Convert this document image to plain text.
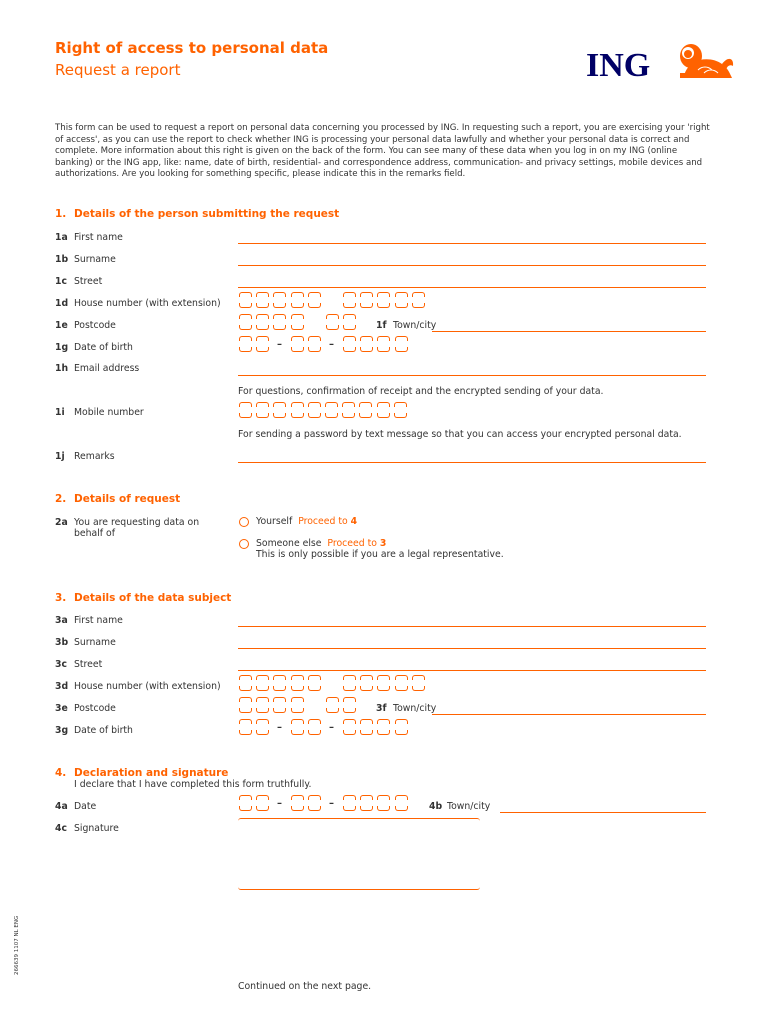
Right of access to personal data
Request a report	ING
This form can be used to request a report on personal data concerning you processed by ING. In requesting such a report, you are exercising your 'right of access', as you can use the report to check whether ING is processing your personal data lawfully and whether your personal data is correct and complete. More information about this right is given on the back of the form. You can see many of these data when you log in on my ING (online banking) or the ING app, like: name, date of birth, residential- and correspondence address, communication- and privacy settings, mobile devices and authorizations. Are you looking for something specific, please indicate this in the remarks field.
1. Details of the person submitting the request
1a First name
1b Surname
1c Street
1d House number (with extension)
1e Postcode	1f Town/city
1g Date of birth	–	–
1h Email address
For questions, confirmation of receipt and the encrypted sending of your data.
1i Mobile number
For sending a password by text message so that you can access your encrypted personal data.
1j Remarks
2. Details of request
2a You are requesting data on
behalf of
Yourself Proceed to 4
Someone else Proceed to 3
This is only possible if you are a legal representative.
3. Details of the data subject
3a First name
3b Surname
3c Street
3d House number (with extension)
3e Postcode	3f Town/city
3g Date of birth	–	–
4. Declaration and signature
I declare that I have completed this form truthfully.
4a Date	–	–	4b Town/city
4c Signature
Continued on the next page.
266639 1107 NL ENG
